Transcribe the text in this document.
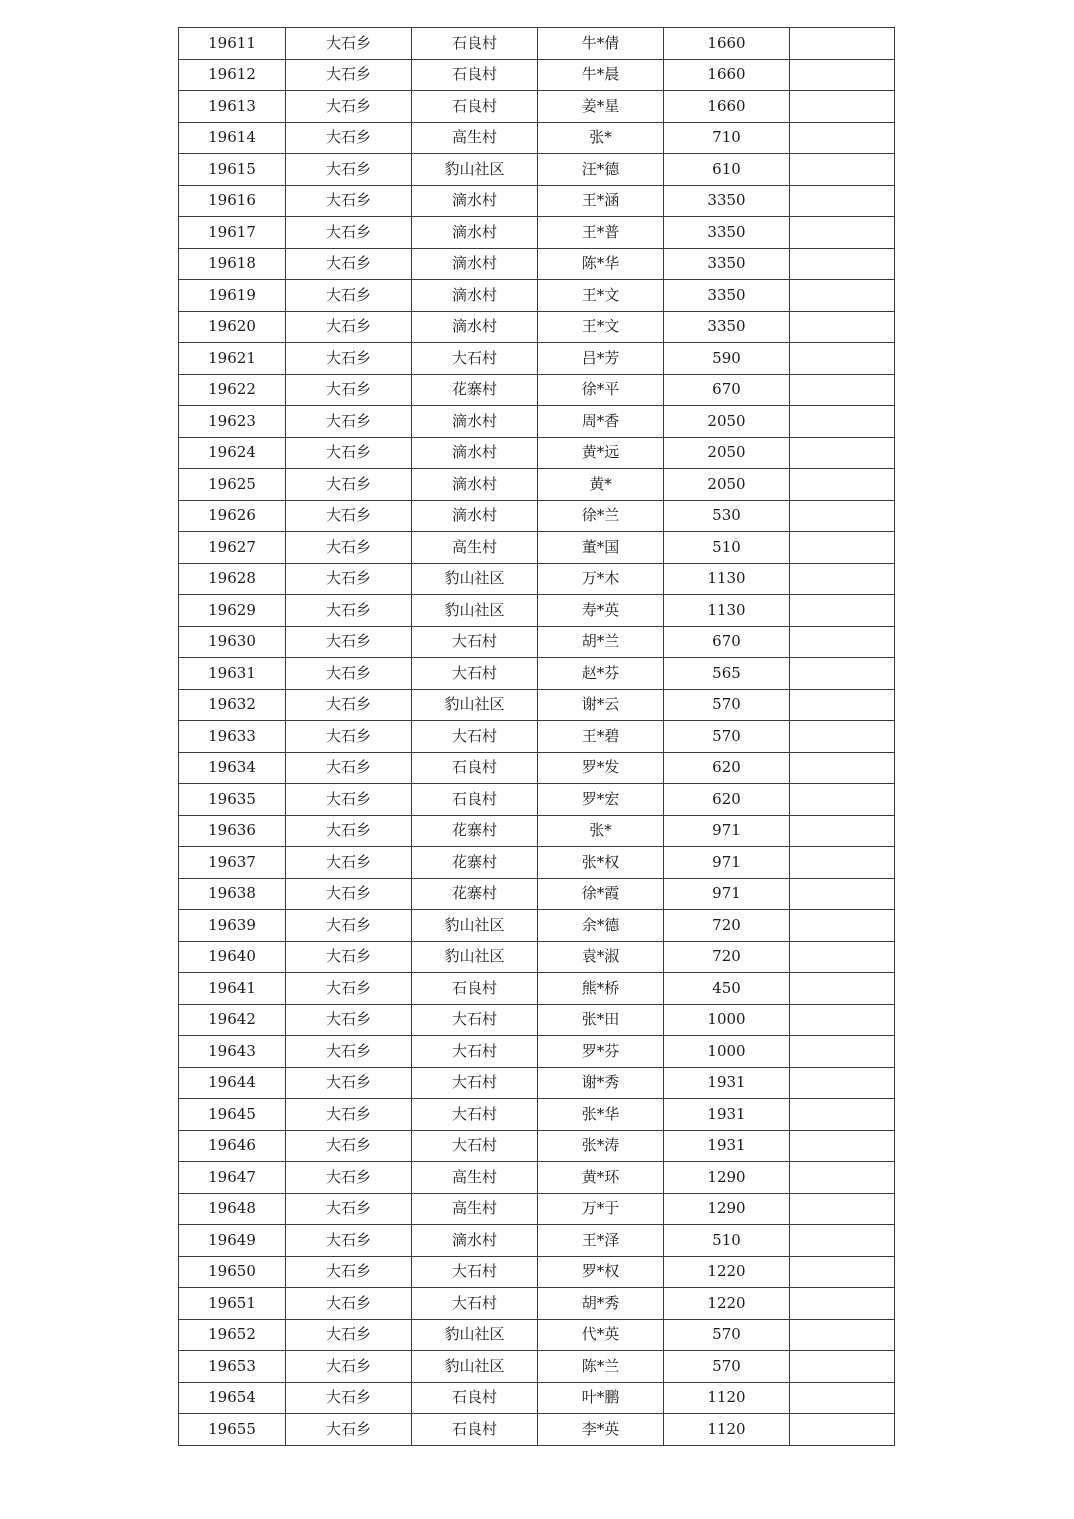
19611	大石乡	石良村	牛*倩	1660	
19612	大石乡	石良村	牛*晨	1660	
19613	大石乡	石良村	姜*星	1660	
19614	大石乡	高生村	张*	710	
19615	大石乡	豹山社区	汪*德	610	
19616	大石乡	滴水村	王*涵	3350	
19617	大石乡	滴水村	王*普	3350	
19618	大石乡	滴水村	陈*华	3350	
19619	大石乡	滴水村	王*文	3350	
19620	大石乡	滴水村	王*文	3350	
19621	大石乡	大石村	吕*芳	590	
19622	大石乡	花寨村	徐*平	670	
19623	大石乡	滴水村	周*香	2050	
19624	大石乡	滴水村	黄*远	2050	
19625	大石乡	滴水村	黄*	2050	
19626	大石乡	滴水村	徐*兰	530	
19627	大石乡	高生村	董*国	510	
19628	大石乡	豹山社区	万*木	1130	
19629	大石乡	豹山社区	寿*英	1130	
19630	大石乡	大石村	胡*兰	670	
19631	大石乡	大石村	赵*芬	565	
19632	大石乡	豹山社区	谢*云	570	
19633	大石乡	大石村	王*碧	570	
19634	大石乡	石良村	罗*发	620	
19635	大石乡	石良村	罗*宏	620	
19636	大石乡	花寨村	张*	971	
19637	大石乡	花寨村	张*权	971	
19638	大石乡	花寨村	徐*霞	971	
19639	大石乡	豹山社区	余*德	720	
19640	大石乡	豹山社区	袁*淑	720	
19641	大石乡	石良村	熊*桥	450	
19642	大石乡	大石村	张*田	1000	
19643	大石乡	大石村	罗*芬	1000	
19644	大石乡	大石村	谢*秀	1931	
19645	大石乡	大石村	张*华	1931	
19646	大石乡	大石村	张*涛	1931	
19647	大石乡	高生村	黄*环	1290	
19648	大石乡	高生村	万*于	1290	
19649	大石乡	滴水村	王*泽	510	
19650	大石乡	大石村	罗*权	1220	
19651	大石乡	大石村	胡*秀	1220	
19652	大石乡	豹山社区	代*英	570	
19653	大石乡	豹山社区	陈*兰	570	
19654	大石乡	石良村	叶*鹏	1120	
19655	大石乡	石良村	李*英	1120	
